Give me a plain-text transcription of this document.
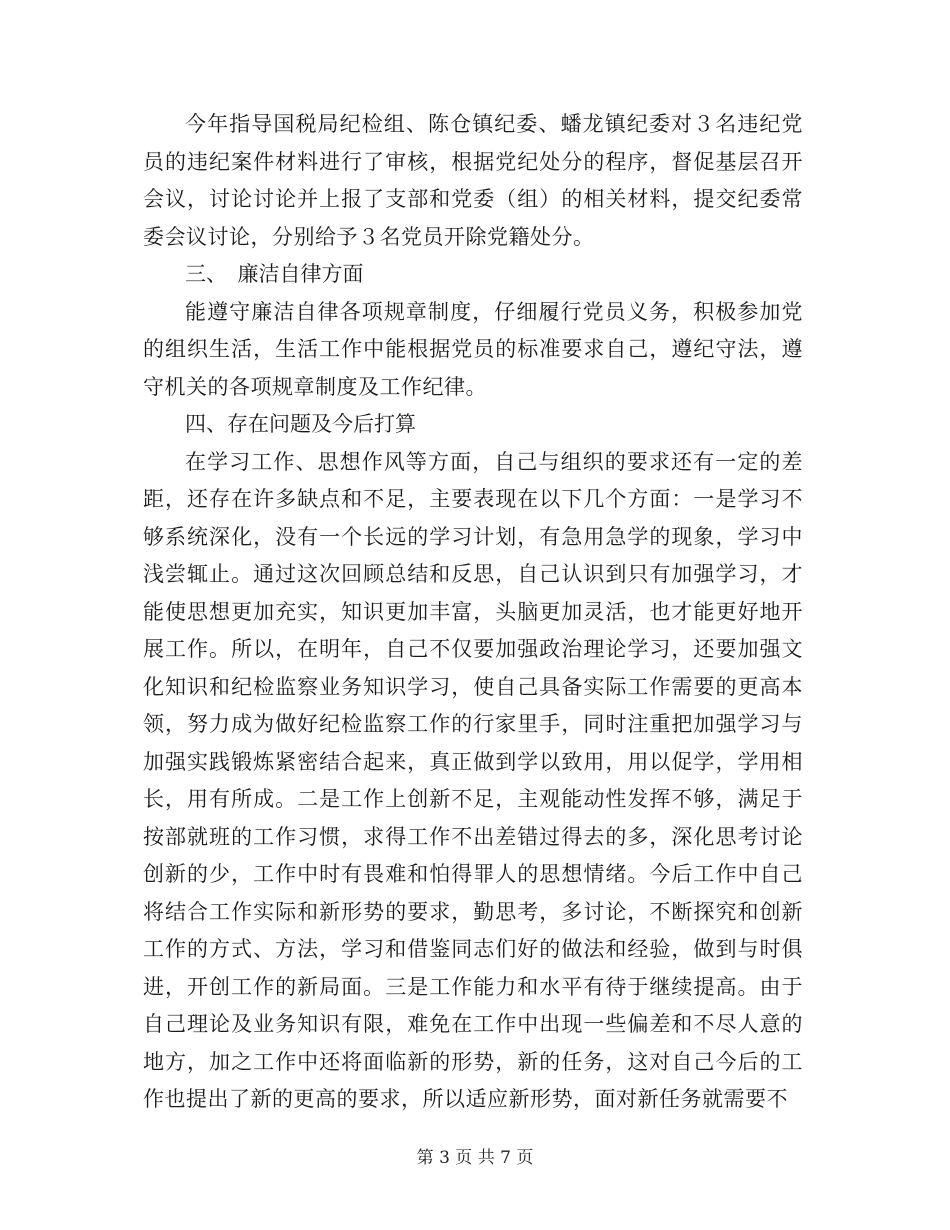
今年指导国税局纪检组、陈仓镇纪委、蟠龙镇纪委对３名违纪党员的违纪案件材料进行了审核，根据党纪处分的程序，督促基层召开会议，讨论讨论并上报了支部和党委（组）的相关材料，提交纪委常委会议讨论，分别给予３名党员开除党籍处分。

三、　廉洁自律方面

能遵守廉洁自律各项规章制度，仔细履行党员义务，积极参加党的组织生活，生活工作中能根据党员的标准要求自己，遵纪守法，遵守机关的各项规章制度及工作纪律。

四、存在问题及今后打算

在学习工作、思想作风等方面，自己与组织的要求还有一定的差距，还存在许多缺点和不足，主要表现在以下几个方面：一是学习不够系统深化，没有一个长远的学习计划，有急用急学的现象，学习中浅尝辄止。通过这次回顾总结和反思，自己认识到只有加强学习，才能使思想更加充实，知识更加丰富，头脑更加灵活，也才能更好地开展工作。所以，在明年，自己不仅要加强政治理论学习，还要加强文化知识和纪检监察业务知识学习，使自己具备实际工作需要的更高本领，努力成为做好纪检监察工作的行家里手，同时注重把加强学习与加强实践锻炼紧密结合起来，真正做到学以致用，用以促学，学用相长，用有所成。二是工作上创新不足，主观能动性发挥不够，满足于按部就班的工作习惯，求得工作不出差错过得去的多，深化思考讨论创新的少，工作中时有畏难和怕得罪人的思想情绪。今后工作中自己将结合工作实际和新形势的要求，勤思考，多讨论，不断探究和创新工作的方式、方法，学习和借鉴同志们好的做法和经验，做到与时俱进，开创工作的新局面。三是工作能力和水平有待于继续提高。由于自己理论及业务知识有限，难免在工作中出现一些偏差和不尽人意的地方，加之工作中还将面临新的形势，新的任务，这对自己今后的工作也提出了新的更高的要求，所以适应新形势，面对新任务就需要不

第 3 页 共 7 页
